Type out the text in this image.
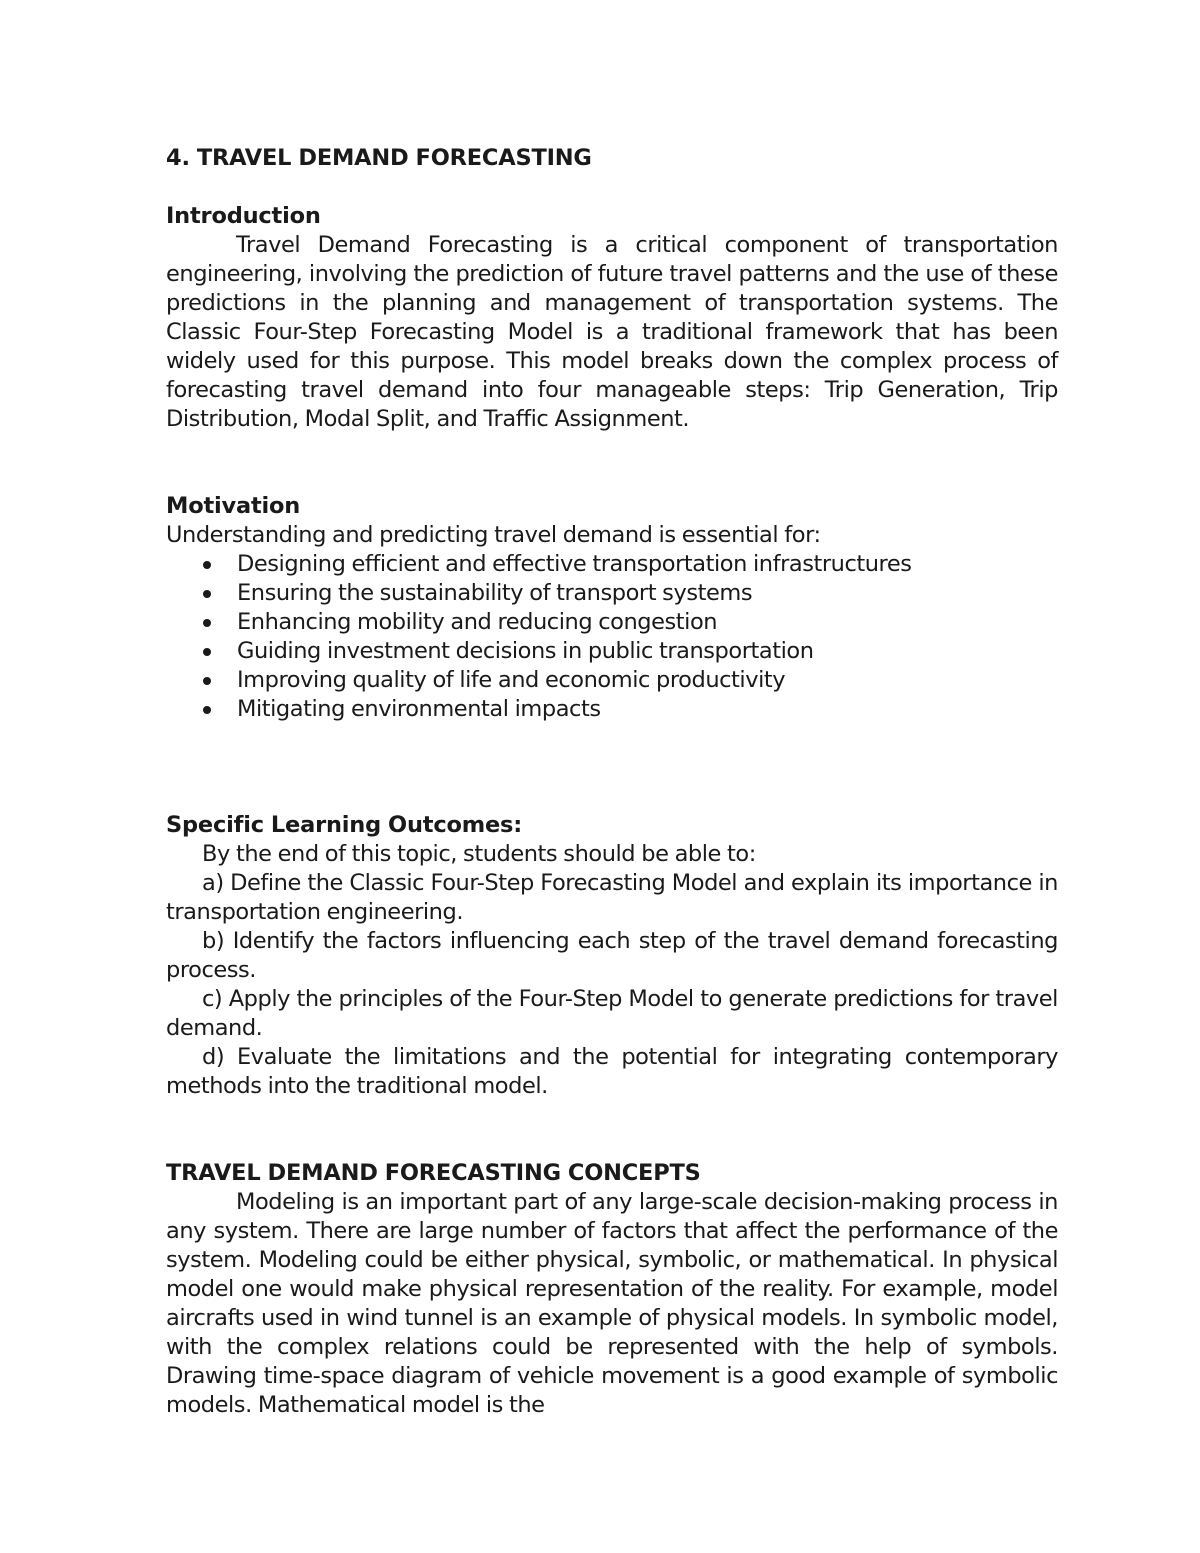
4. TRAVEL DEMAND FORECASTING
Introduction

Travel Demand Forecasting is a critical component of transportation engineering, involving the prediction of future travel patterns and the use of these predictions in the planning and management of transportation systems. The Classic Four-Step Forecasting Model is a traditional framework that has been widely used for this purpose. This model breaks down the complex process of forecasting travel demand into four manageable steps: Trip Generation, Trip Distribution, Modal Split, and Traffic Assignment.

Motivation

Understanding and predicting travel demand is essential for:

Designing efficient and effective transportation infrastructures
Ensuring the sustainability of transport systems
Enhancing mobility and reducing congestion
Guiding investment decisions in public transportation
Improving quality of life and economic productivity
Mitigating environmental impacts
Specific Learning Outcomes:

By the end of this topic, students should be able to:

a) Define the Classic Four-Step Forecasting Model and explain its importance in transportation engineering.

b) Identify the factors influencing each step of the travel demand forecasting process.

c) Apply the principles of the Four-Step Model to generate predictions for travel demand.

d) Evaluate the limitations and the potential for integrating contemporary methods into the traditional model.

TRAVEL DEMAND FORECASTING CONCEPTS

Modeling is an important part of any large-scale decision-making process in any system. There are large number of factors that affect the performance of the system. Modeling could be either physical, symbolic, or mathematical. In physical model one would make physical representation of the reality. For example, model aircrafts used in wind tunnel is an example of physical models. In symbolic model, with the complex relations could be represented with the help of symbols. Drawing time-space diagram of vehicle movement is a good example of symbolic models. Mathematical model is the
